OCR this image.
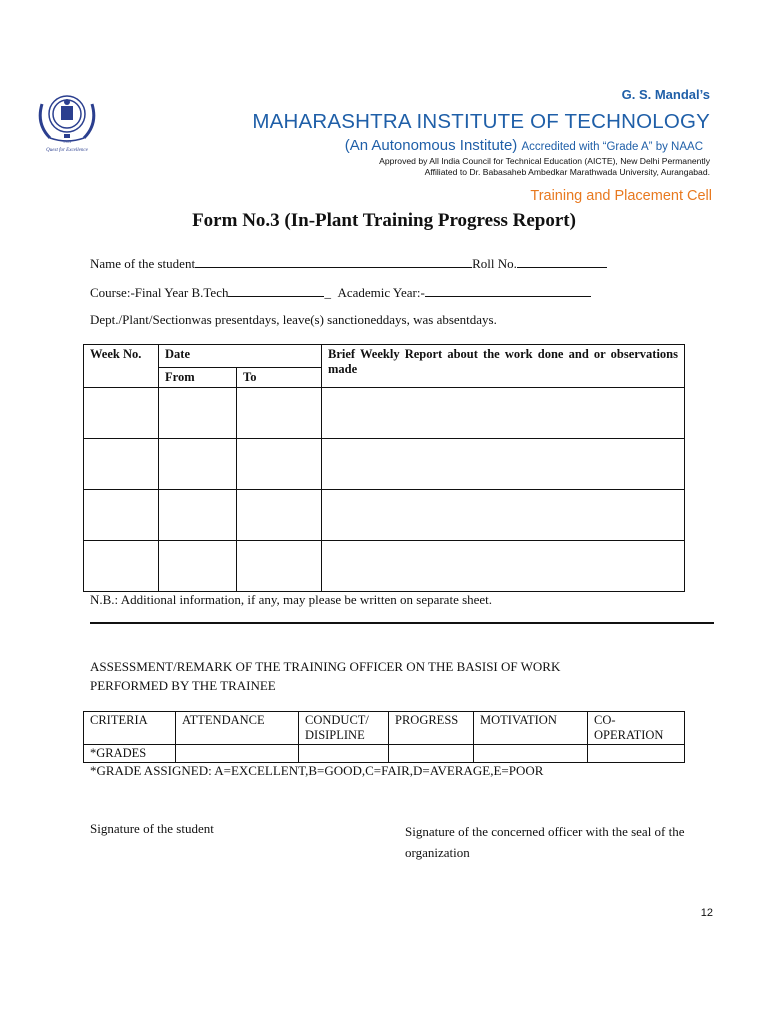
1983
Quest for Excellence
G. S. Mandal’s
MAHARASHTRA INSTITUTE OF TECHNOLOGY
(An Autonomous Institute) Accredited with “Grade A” by NAAC
Approved by All India Council for Technical Education (AICTE), New Delhi Permanently
Affiliated to Dr. Babasaheb Ambedkar Marathwada University, Aurangabad.
Training and Placement Cell
Form No.3 (In-Plant Training Progress Report)
Name of the student	Roll No.
Course:-Final Year B.Tech	_ Academic Year:-
Dept./Plant/Sectionwas presentdays, leave(s) sanctioneddays, was absentdays.
Week No.	Date		Brief Weekly Report about the work done and or observations made
	From	To	

N.B.: Additional information, if any, may please be written on separate sheet.
ASSESSMENT/REMARK OF THE TRAINING OFFICER ON THE BASISI OF WORK
PERFORMED BY THE TRAINEE
CRITERIA	ATTENDANCE	CONDUCT/ DISIPLINE	PROGRESS	MOTIVATION	CO-OPERATION
*GRADES					
*GRADE ASSIGNED: A=EXCELLENT,B=GOOD,C=FAIR,D=AVERAGE,E=POOR
Signature of the student	Signature of the concerned officer with the seal of the organization
12
